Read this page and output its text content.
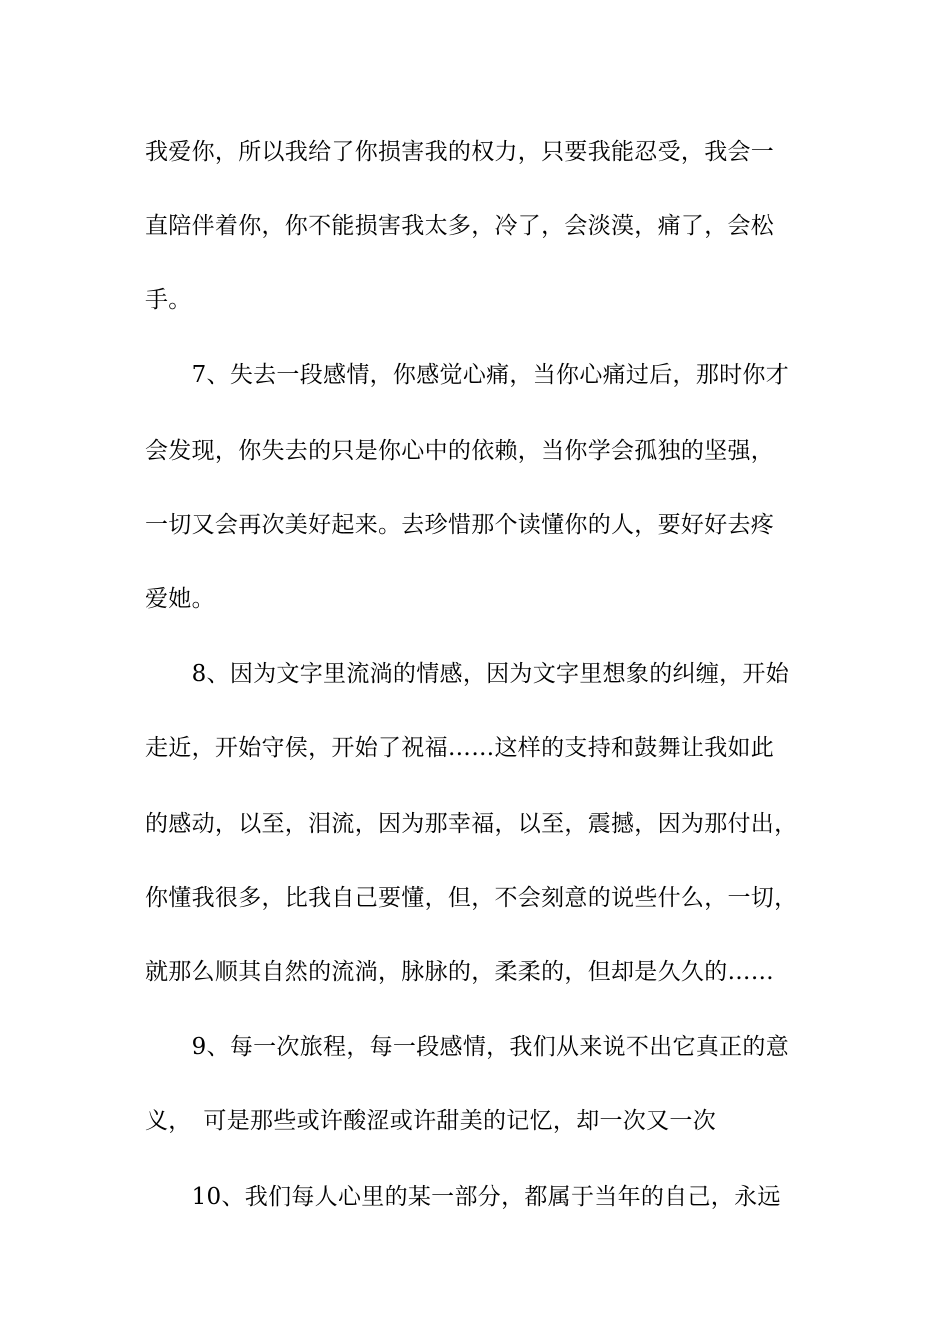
我爱你，所以我给了你损害我的权力，只要我能忍受，我会一
直陪伴着你，你不能损害我太多，冷了，会淡漠，痛了，会松
手。
　　7、失去一段感情，你感觉心痛，当你心痛过后，那时你才
会发现，你失去的只是你心中的依赖，当你学会孤独的坚强，
一切又会再次美好起来。去珍惜那个读懂你的人，要好好去疼
爱她。
　　8、因为文字里流淌的情感，因为文字里想象的纠缠，开始
走近，开始守侯，开始了祝福……这样的支持和鼓舞让我如此
的感动，以至，泪流，因为那幸福，以至，震撼，因为那付出，
你懂我很多，比我自己要懂，但，不会刻意的说些什么，一切，
就那么顺其自然的流淌，脉脉的，柔柔的，但却是久久的……
　　9、每一次旅程，每一段感情，我们从来说不出它真正的意
义，　可是那些或许酸涩或许甜美的记忆，却一次又一次
　　10、我们每人心里的某一部分，都属于当年的自己，永远
